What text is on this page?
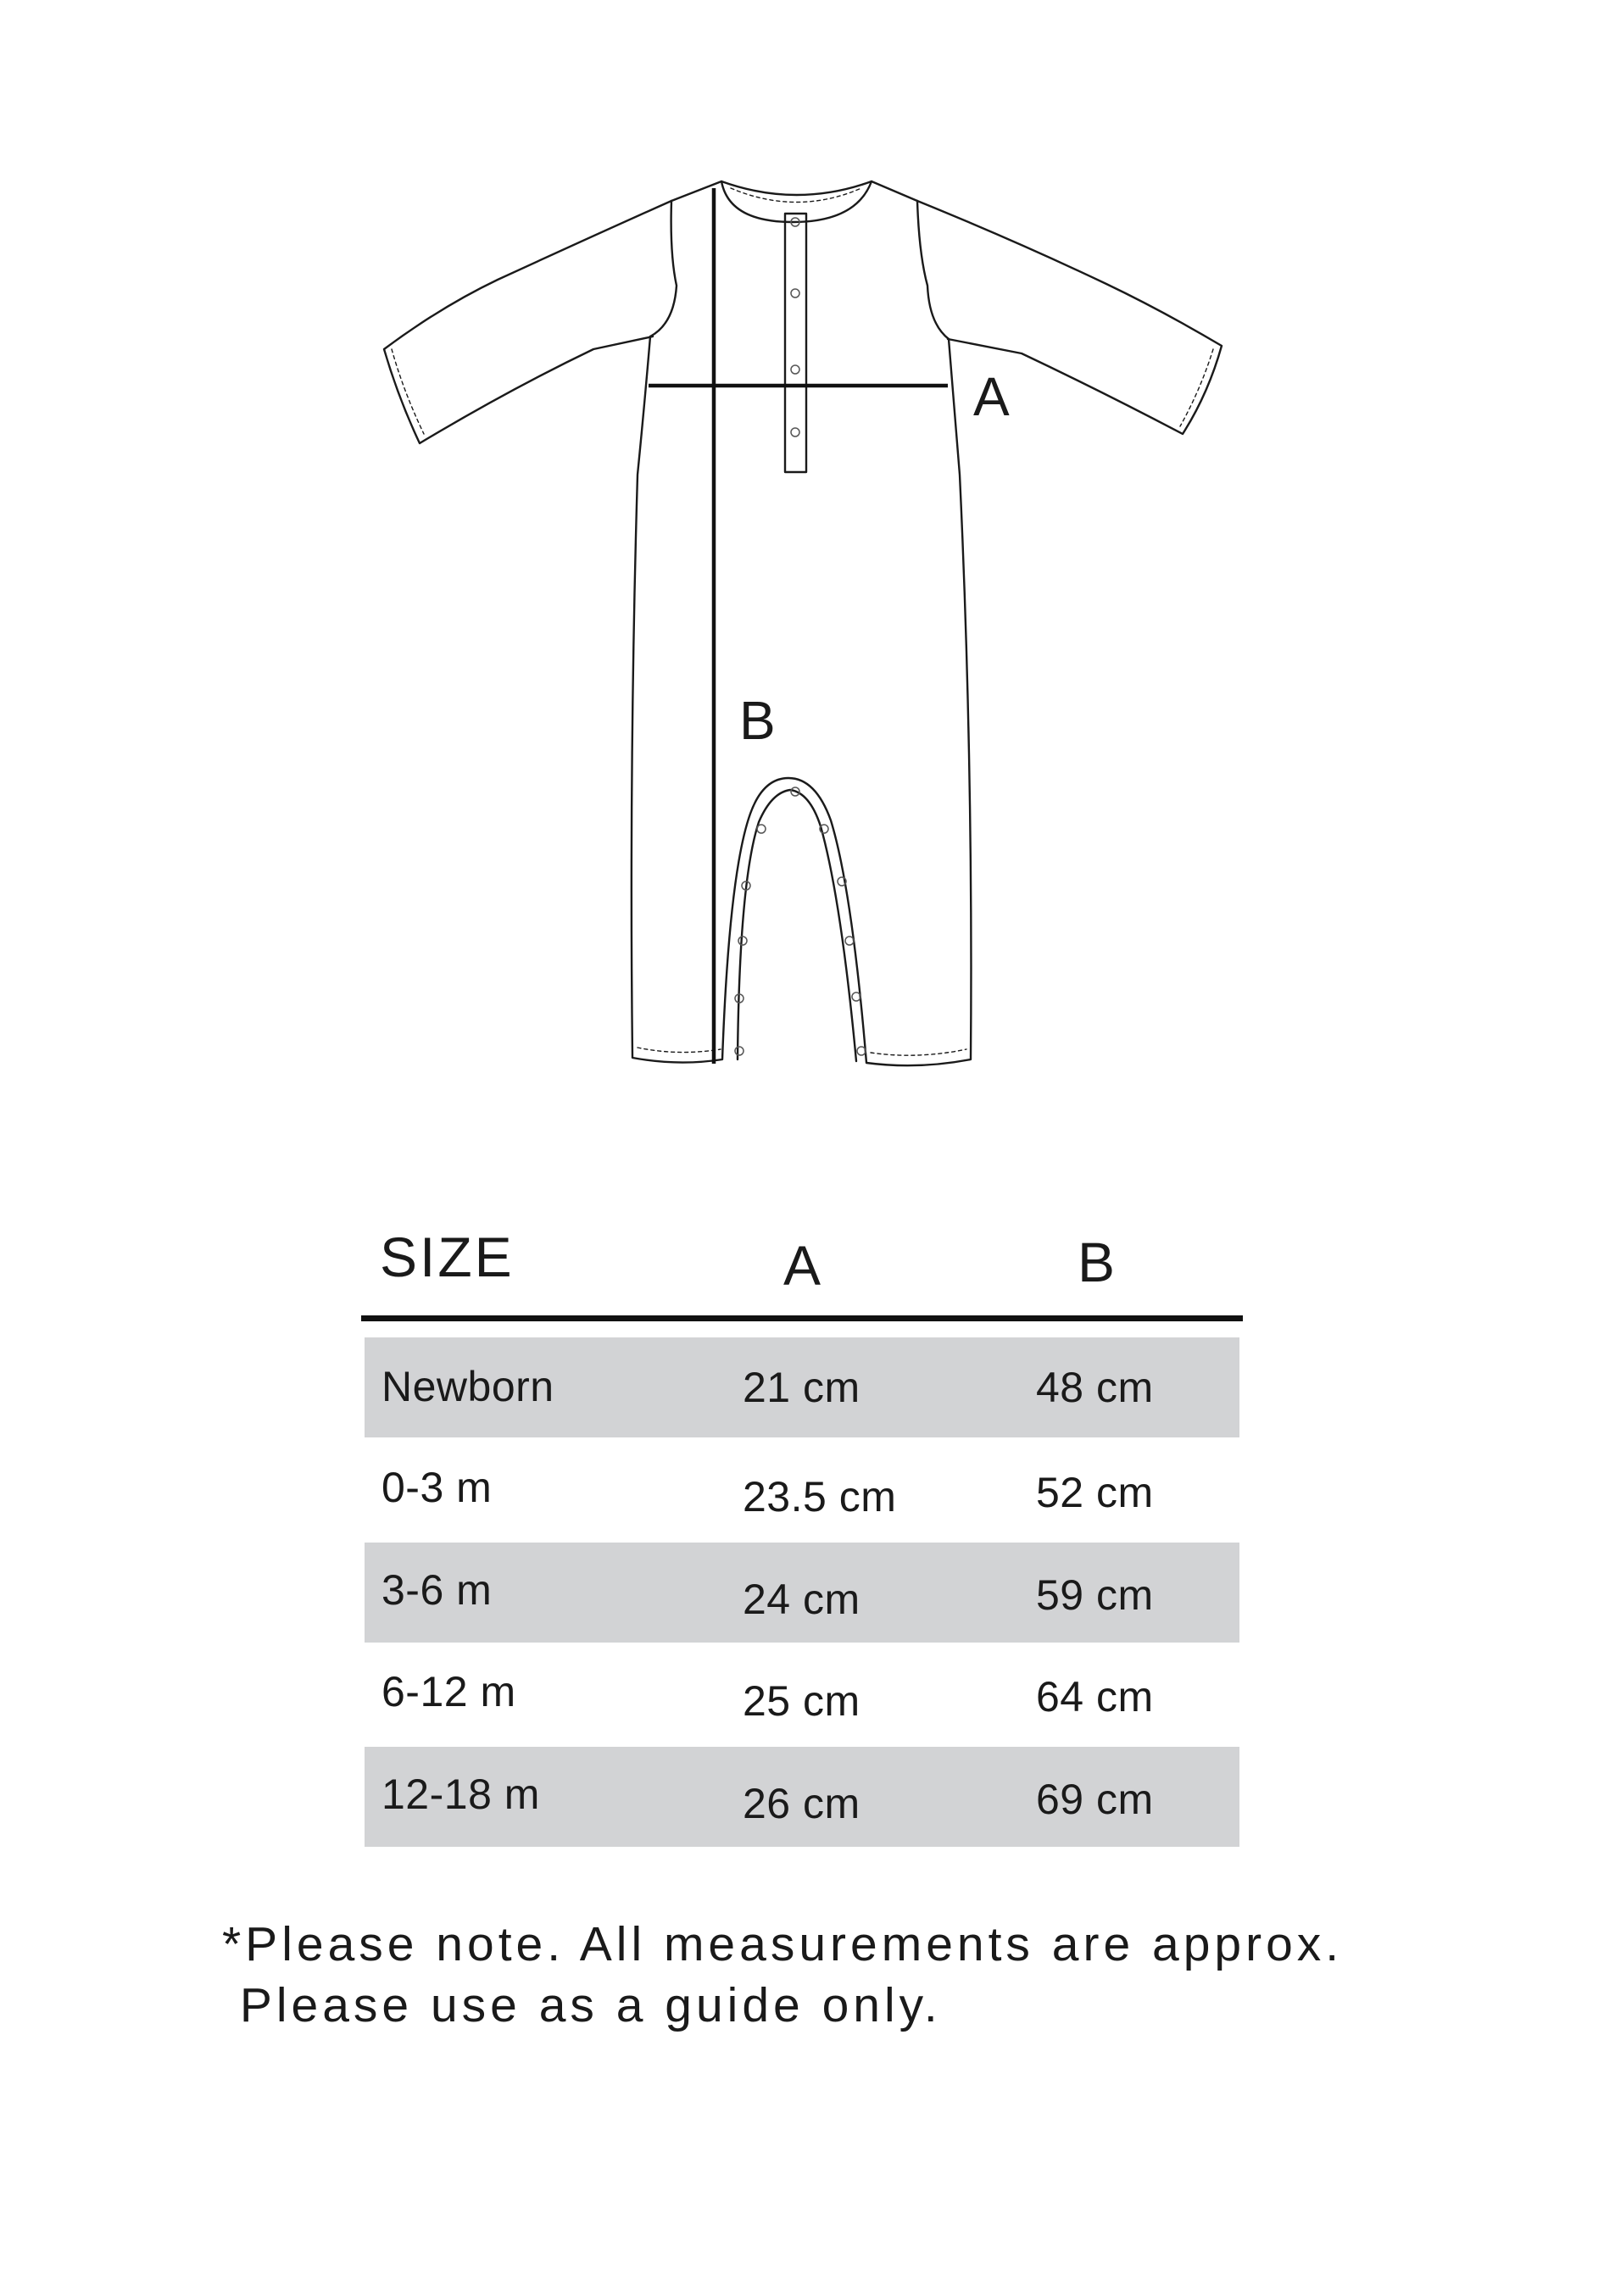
A
B
SIZE	A	B
Newborn	21 cm	48 cm
0-3 m	23.5 cm	52 cm
3-6 m	24 cm	59 cm
6-12 m	25 cm	64 cm
12-18 m	26 cm	69 cm
*Please note. All measurements are approx.
Please use as a guide only.
